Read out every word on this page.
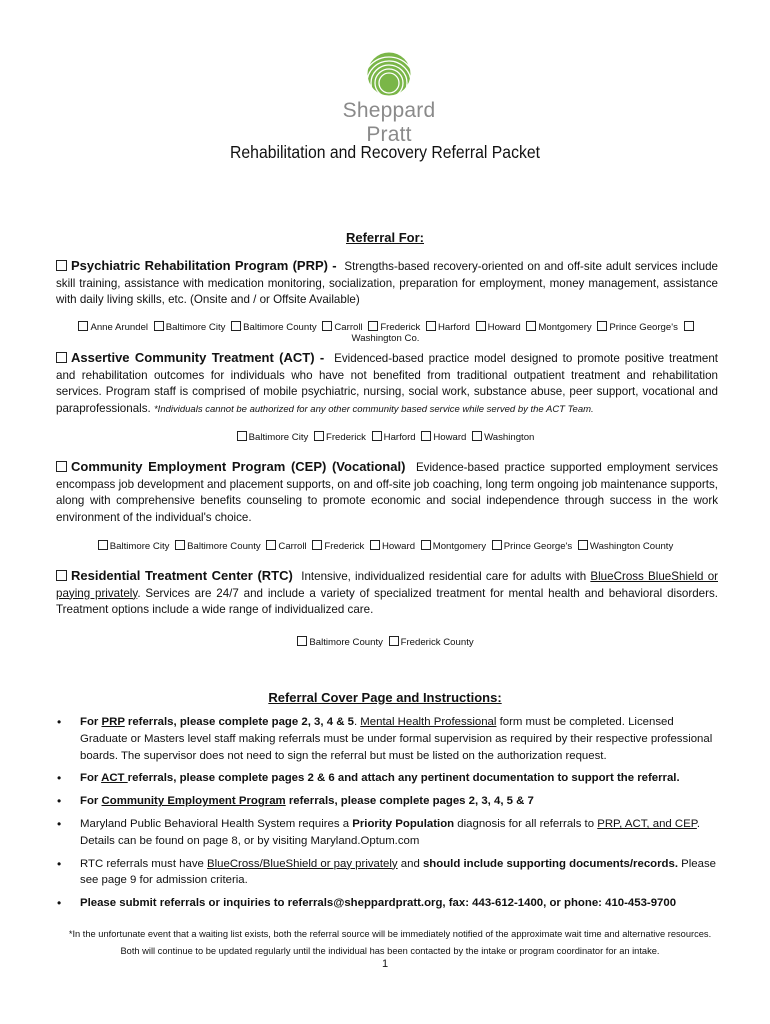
Sheppard Pratt
Rehabilitation and Recovery Referral Packet
Referral For:
Psychiatric Rehabilitation Program (PRP) - Strengths-based recovery-oriented on and off-site adult services include skill training, assistance with medication monitoring, socialization, preparation for employment, money management, assistance with daily living skills, etc. (Onsite and / or Offsite Available)
Anne Arundel Baltimore City Baltimore County Carroll Frederick Harford Howard Montgomery Prince George's Washington Co.
Assertive Community Treatment (ACT) - Evidenced-based practice model designed to promote positive treatment and rehabilitation outcomes for individuals who have not benefited from traditional outpatient treatment and rehabilitation services. Program staff is comprised of mobile psychiatric, nursing, social work, substance abuse, peer support, vocational and paraprofessionals. *Individuals cannot be authorized for any other community based service while served by the ACT Team.
Baltimore City Frederick Harford Howard Washington
Community Employment Program (CEP) (Vocational) Evidence-based practice supported employment services encompass job development and placement supports, on and off-site job coaching, long term ongoing job maintenance supports, along with comprehensive benefits counseling to promote economic and social independence through success in the work environment of the individual's choice.
Baltimore City Baltimore County Carroll Frederick Howard Montgomery Prince George's Washington County
Residential Treatment Center (RTC) Intensive, individualized residential care for adults with BlueCross BlueShield or paying privately. Services are 24/7 and include a variety of specialized treatment for mental health and behavioral disorders. Treatment options include a wide range of individualized care.
Baltimore County Frederick County
Referral Cover Page and Instructions:
• For PRP referrals, please complete page 2, 3, 4 & 5. Mental Health Professional form must be completed. Licensed Graduate or Masters level staff making referrals must be under formal supervision as required by their respective professional boards. The supervisor does not need to sign the referral but must be listed on the authorization request.
• For ACT referrals, please complete pages 2 & 6 and attach any pertinent documentation to support the referral.
• For Community Employment Program referrals, please complete pages 2, 3, 4, 5 & 7
• Maryland Public Behavioral Health System requires a Priority Population diagnosis for all referrals to PRP, ACT, and CEP. Details can be found on page 8, or by visiting Maryland.Optum.com
• RTC referrals must have BlueCross/BlueShield or pay privately and should include supporting documents/records. Please see page 9 for admission criteria.
• Please submit referrals or inquiries to referrals@sheppardpratt.org, fax: 443-612-1400, or phone: 410-453-9700
*In the unfortunate event that a waiting list exists, both the referral source will be immediately notified of the approximate wait time and alternative resources. Both will continue to be updated regularly until the individual has been contacted by the intake or program coordinator for an intake.
1
